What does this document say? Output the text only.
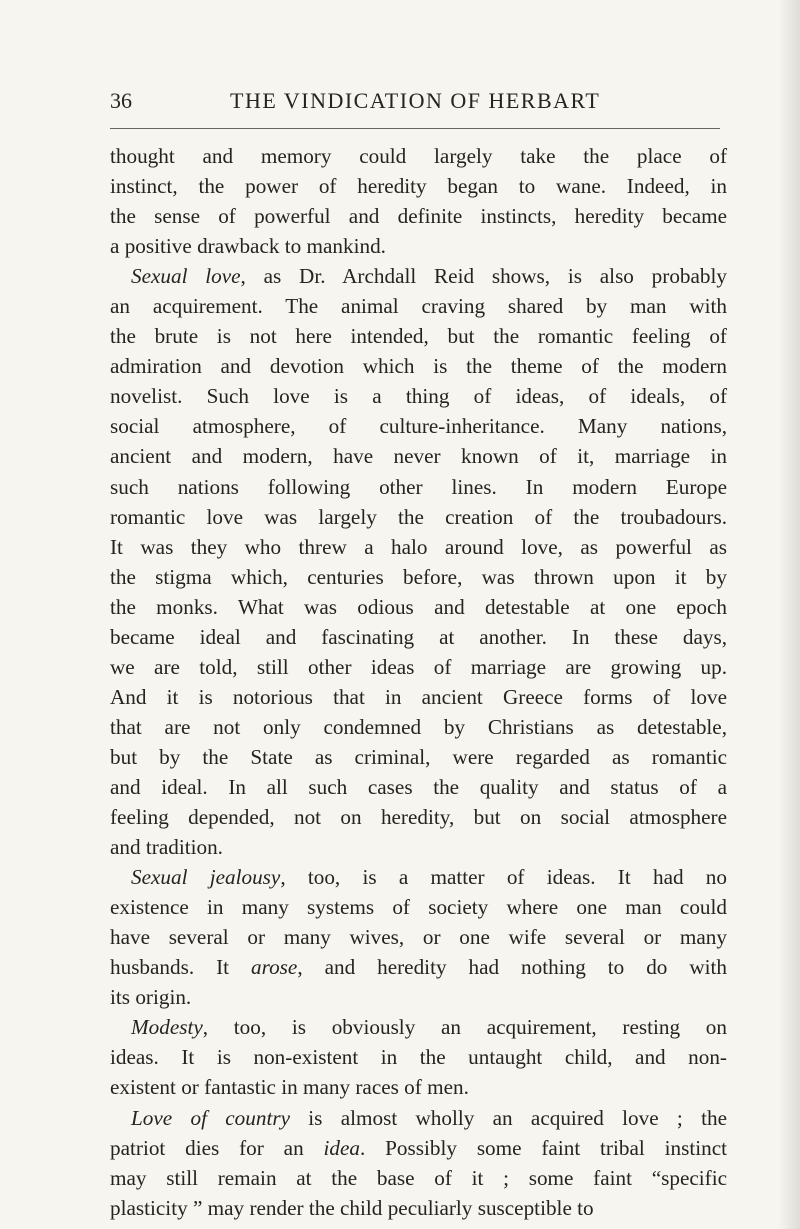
36	THE VINDICATION OF HERBART
thought and memory could largely take the place of
instinct, the power of heredity began to wane. Indeed, in
the sense of powerful and definite instincts, heredity became
a positive drawback to mankind.
Sexual love, as Dr. Archdall Reid shows, is also probably
an acquirement. The animal craving shared by man with
the brute is not here intended, but the romantic feeling of
admiration and devotion which is the theme of the modern
novelist. Such love is a thing of ideas, of ideals, of
social atmosphere, of culture-inheritance. Many nations,
ancient and modern, have never known of it, marriage in
such nations following other lines. In modern Europe
romantic love was largely the creation of the troubadours.
It was they who threw a halo around love, as powerful as
the stigma which, centuries before, was thrown upon it by
the monks. What was odious and detestable at one epoch
became ideal and fascinating at another. In these days,
we are told, still other ideas of marriage are growing up.
And it is notorious that in ancient Greece forms of love
that are not only condemned by Christians as detestable,
but by the State as criminal, were regarded as romantic
and ideal. In all such cases the quality and status of a
feeling depended, not on heredity, but on social atmosphere
and tradition.
Sexual jealousy, too, is a matter of ideas. It had no
existence in many systems of society where one man could
have several or many wives, or one wife several or many
husbands. It arose, and heredity had nothing to do with
its origin.
Modesty, too, is obviously an acquirement, resting on
ideas. It is non-existent in the untaught child, and non-
existent or fantastic in many races of men.
Love of country is almost wholly an acquired love ; the
patriot dies for an idea. Possibly some faint tribal instinct
may still remain at the base of it ; some faint “specific
plasticity ” may render the child peculiarly susceptible to
